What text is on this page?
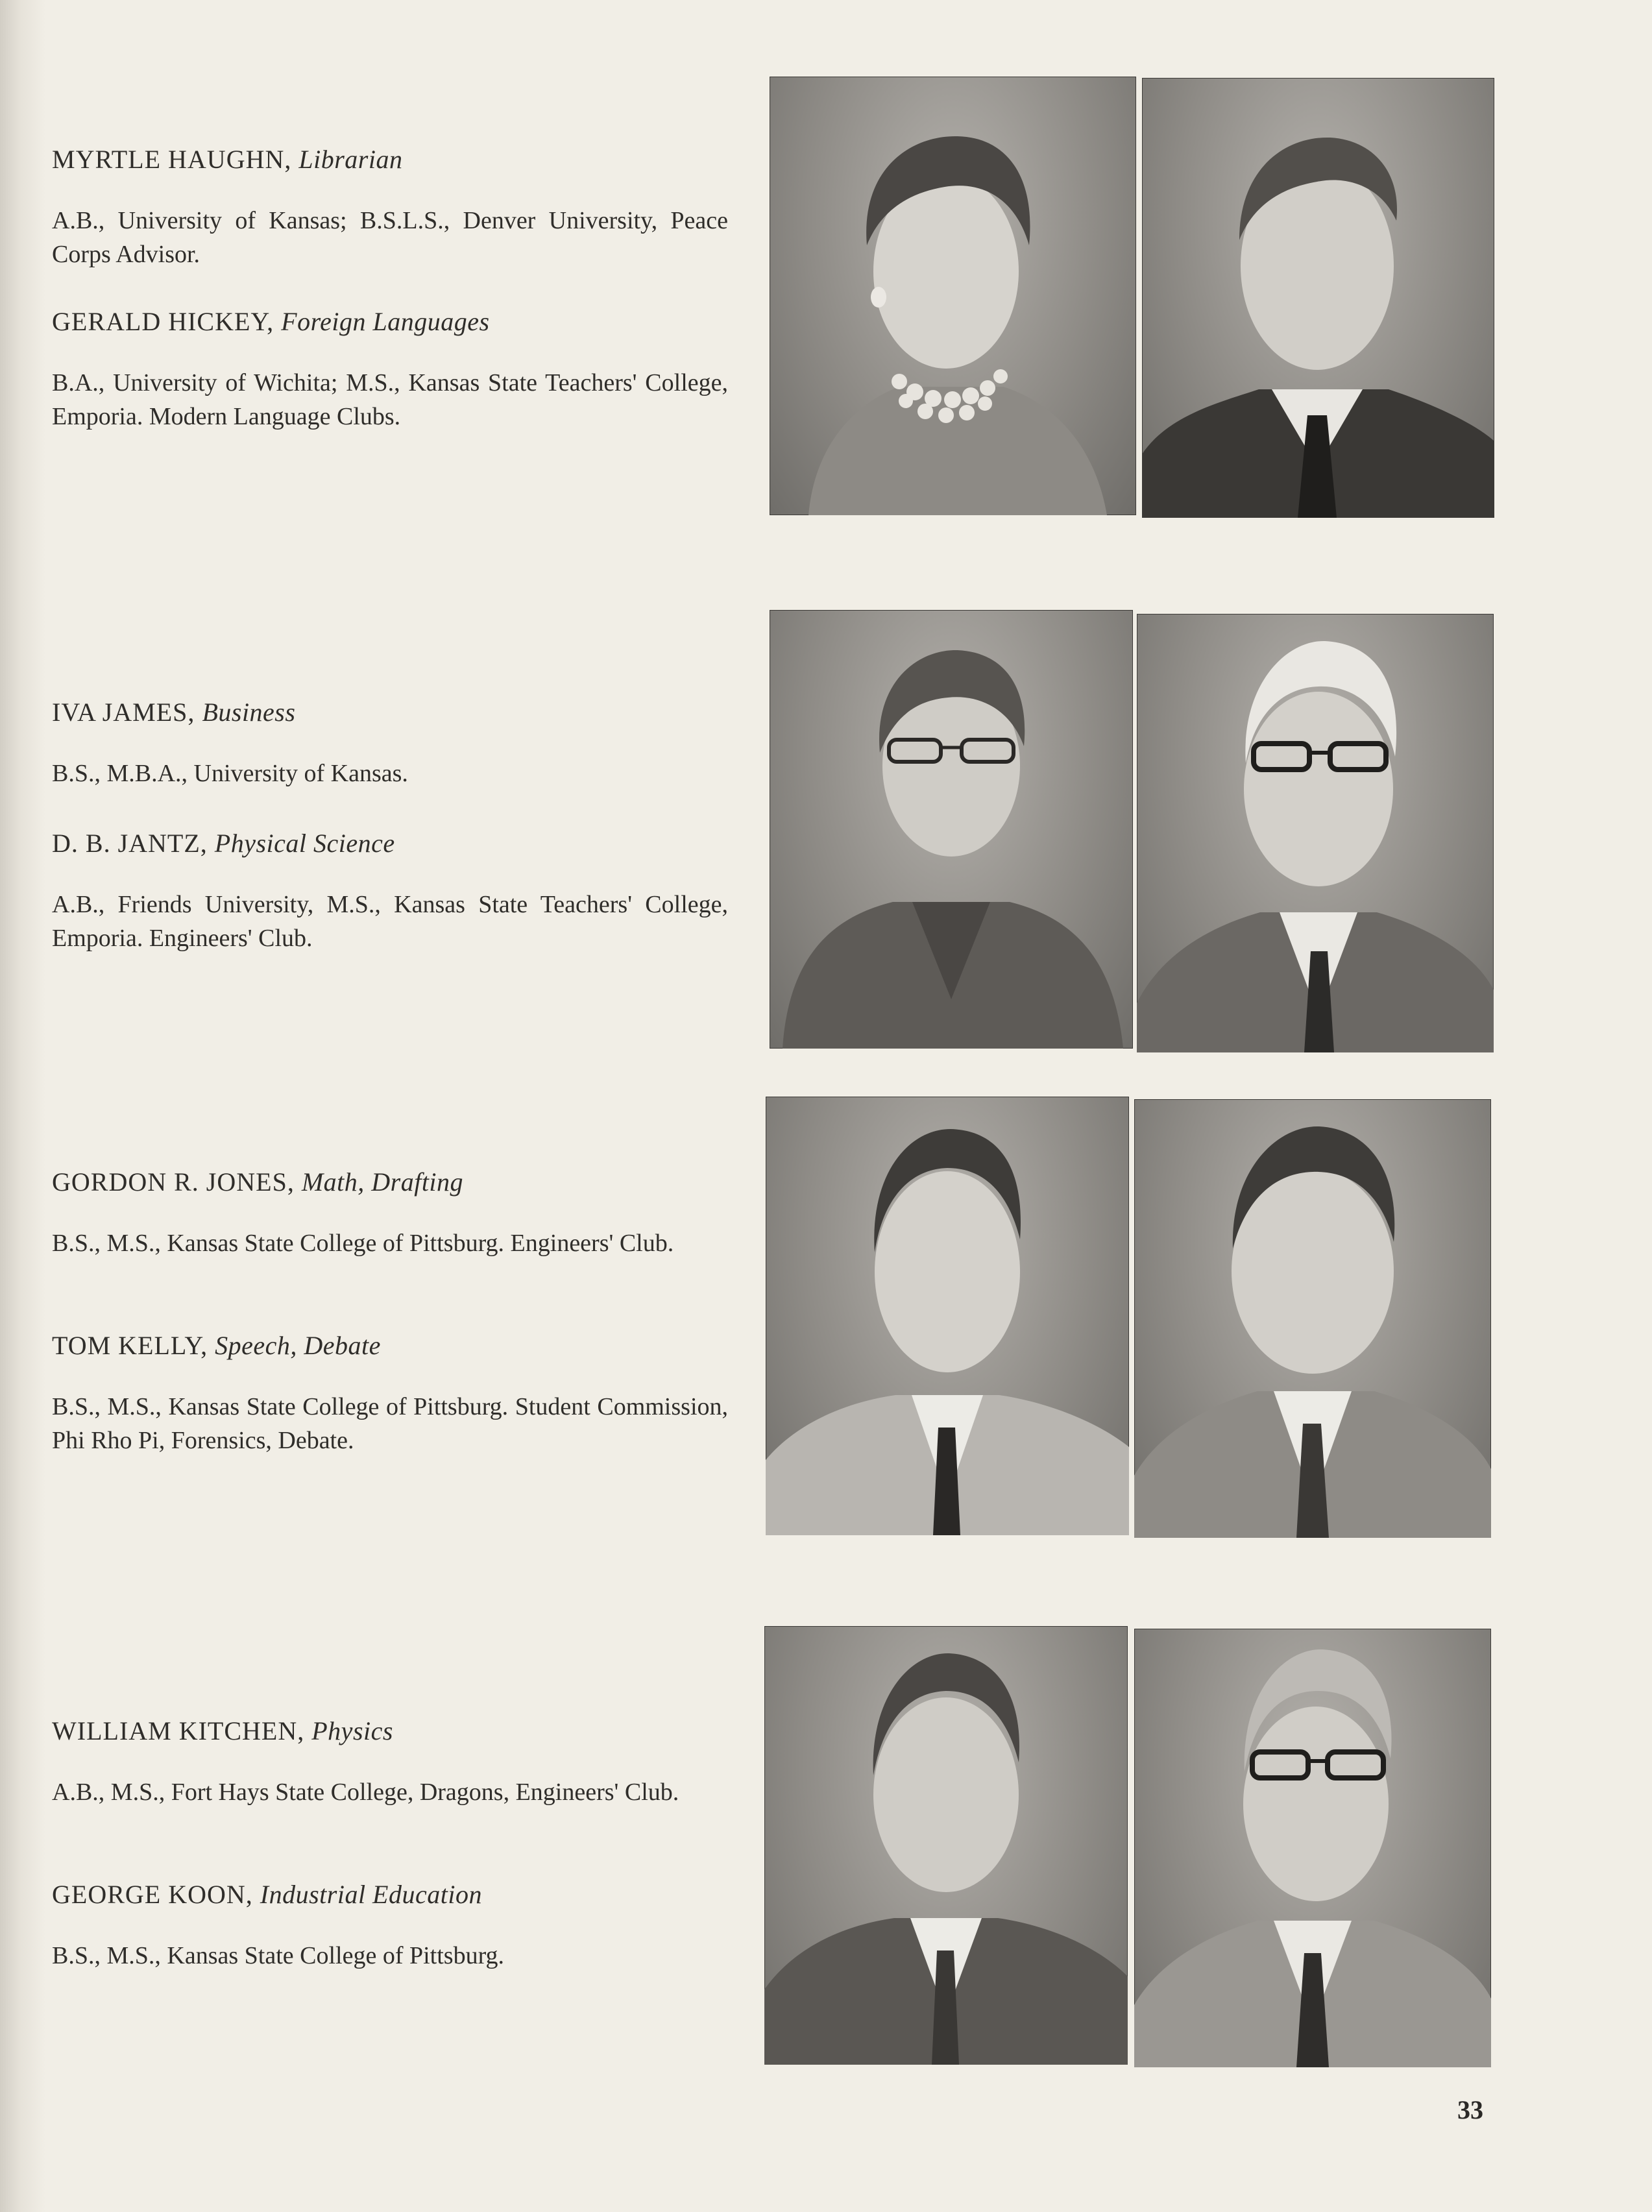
MYRTLE HAUGHN, Librarian

A.B., University of Kansas; B.S.L.S., Denver University, Peace Corps Advisor.

GERALD HICKEY, Foreign Languages

B.A., University of Wichita; M.S., Kansas State Teachers' College, Emporia. Modern Language Clubs.

IVA JAMES, Business

B.S., M.B.A., University of Kansas.

D. B. JANTZ, Physical Science

A.B., Friends University, M.S., Kansas State Teachers' College, Emporia. Engineers' Club.

GORDON R. JONES, Math, Drafting

B.S., M.S., Kansas State College of Pittsburg. Engineers' Club.

TOM KELLY, Speech, Debate

B.S., M.S., Kansas State College of Pittsburg. Student Commission, Phi Rho Pi, Forensics, Debate.

WILLIAM KITCHEN, Physics

A.B., M.S., Fort Hays State College, Dragons, Engineers' Club.

GEORGE KOON, Industrial Education

B.S., M.S., Kansas State College of Pittsburg.

33
